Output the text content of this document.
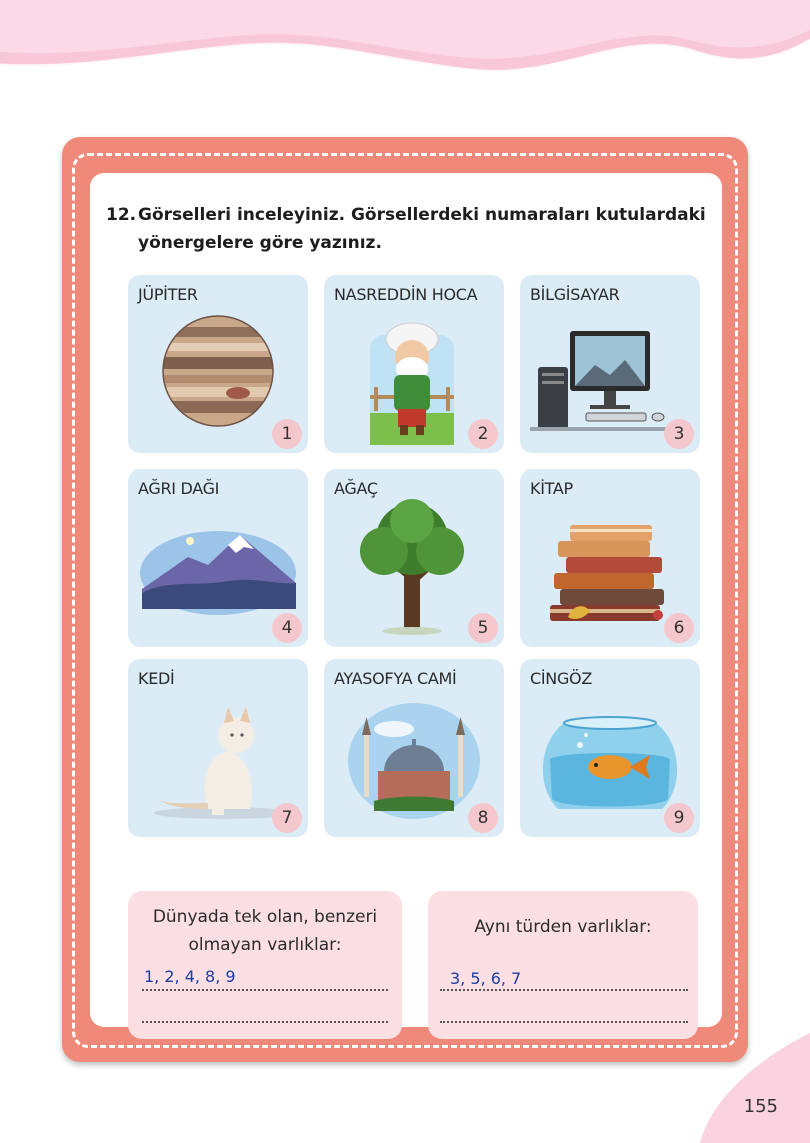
155
12. Görselleri inceleyiniz. Görsellerdeki numaraları kutulardaki yönergelere göre yazınız.
JÜPİTER
1
NASREDDİN HOCA
2
BİLGİSAYAR
3
AĞRI DAĞI
4
AĞAÇ
5
KİTAP
6
KEDİ
7
AYASOFYA CAMİ
8
CİNGÖZ
9
Dünyada tek olan, benzeri olmayan varlıklar:
1, 2, 4, 8, 9
Aynı türden varlıklar:
3, 5, 6, 7
